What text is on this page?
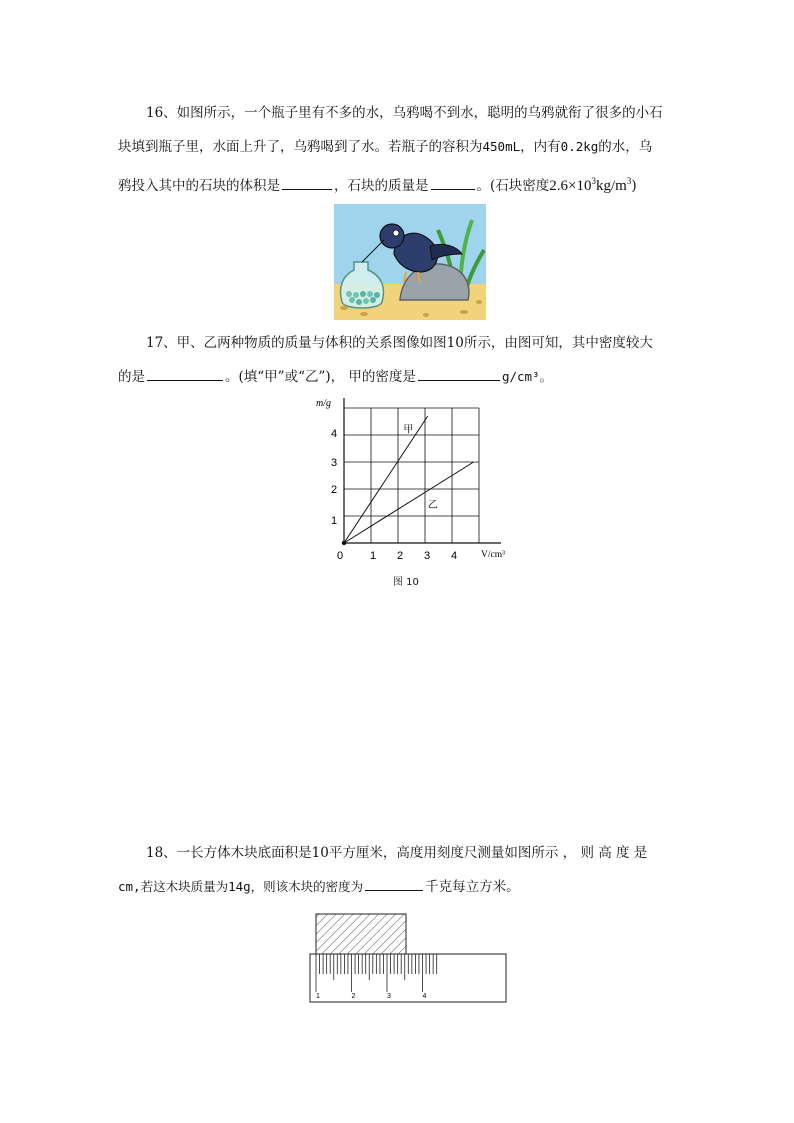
16、如图所示，一个瓶子里有不多的水，乌鸦喝不到水，聪明的乌鸦就衔了很多的小石
块填到瓶子里，水面上升了，乌鸦喝到了水。若瓶子的容积为450mL，内有0.2kg的水，乌
鸦投入其中的石块的体积是	，石块的质量是	。(石块密度$2.6\times 10^3kg/m^3$)
17、甲、乙两种物质的质量与体积的关系图像如图10所示，由图可知，其中密度较大
的是	。(填“甲”或“乙”)， 甲的密度是	g/cm³。
m/g
V/cm³
0 1 2 3 4
1
2
3
4	甲
乙
图 10
18、一长方体木块底面积是10平方厘米，高度用刻度尺测量如图所示 ， 则 高 度 是
cm,若这木块质量为14g，则该木块的密度为	千克每立方米。
1	2	3	4
